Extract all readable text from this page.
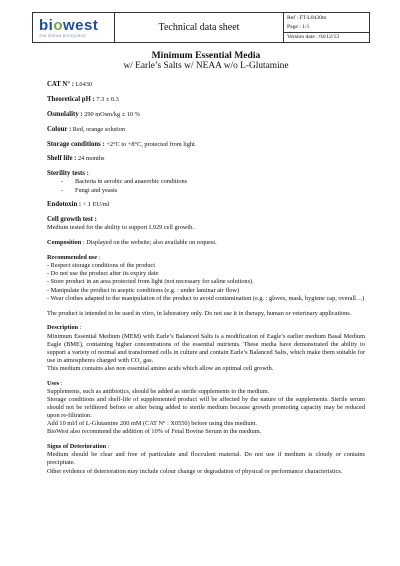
biowest
THE SERUM BIOSOURCE
Technical data sheet
Ref : FT-L0430m
Page : 1/1
Version date : 04/12/13
Minimum Essential Media
w/ Earle’s Salts w/ NEAA w/o L-Glutamine
CAT N° : L0430
Theoretical pH : 7.3 ± 0.3
Osmolality : 290 mOsm/kg ± 10 %
Colour : Red, orange solution
Storage conditions : +2°C to +8°C, protected from light.
Shelf life : 24 months
Sterility tests :
- Bacteria in aerobic and anaerobic conditions
- Fungi and yeasts
Endotoxin : < 1 EU/ml
Cell growth test :
Medium tested for the ability to support L929 cell growth.
Composition : Displayed on the website; also available on request.
Recommended use :
- Respect storage conditions of the product
- Do not use the product after its expiry date
- Store product in an area protected from light (not necessary for saline solutions).
- Manipulate the product in aseptic conditions (e.g. : under laminar air flow)
- Wear clothes adapted to the manipulation of the product to avoid contamination (e.g. : gloves, mask, hygiene cap, overall…)
The product is intended to be used in vitro, in laboratory only. Do not use it in therapy, human or veterinary applications.
Description :
Minimum Essential Medium (MEM) with Earle’s Balanced Salts is a modification of Eagle’s earlier medium Basal Medium Eagle (BME), containing higher concentrations of the essential nutrients. These media have demonstrated the ability to support a variety of normal and transformed cells in culture and contain Earle’s Balanced Salts, which make them suitable for use in atmospheres charged with CO₂ gas.
This medium contains also non essential amino acids which allow an optimal cell growth.
Uses :
Supplements, such as antibiotics, should be added as sterile supplements to the medium.
Storage conditions and shelf-life of supplemented product will be affected by the nature of the supplements. Sterile serum should not be refiltered before or after being added to sterile medium because growth promoting capacity may be reduced upon re-filtration.
Add 10 ml/l of L-Glutamine 200 mM (CAT N° : X0550) before using this medium.
BioWest also recommend the addition of 10% of Fetal Bovine Serum in the medium.
Signs of Deterioration :
Medium should be clear and free of particulate and flocculent material. Do not use if medium is cloudy or contains precipitate.
Other evidence of deterioration may include colour change or degradation of physical or performance characteristics.
